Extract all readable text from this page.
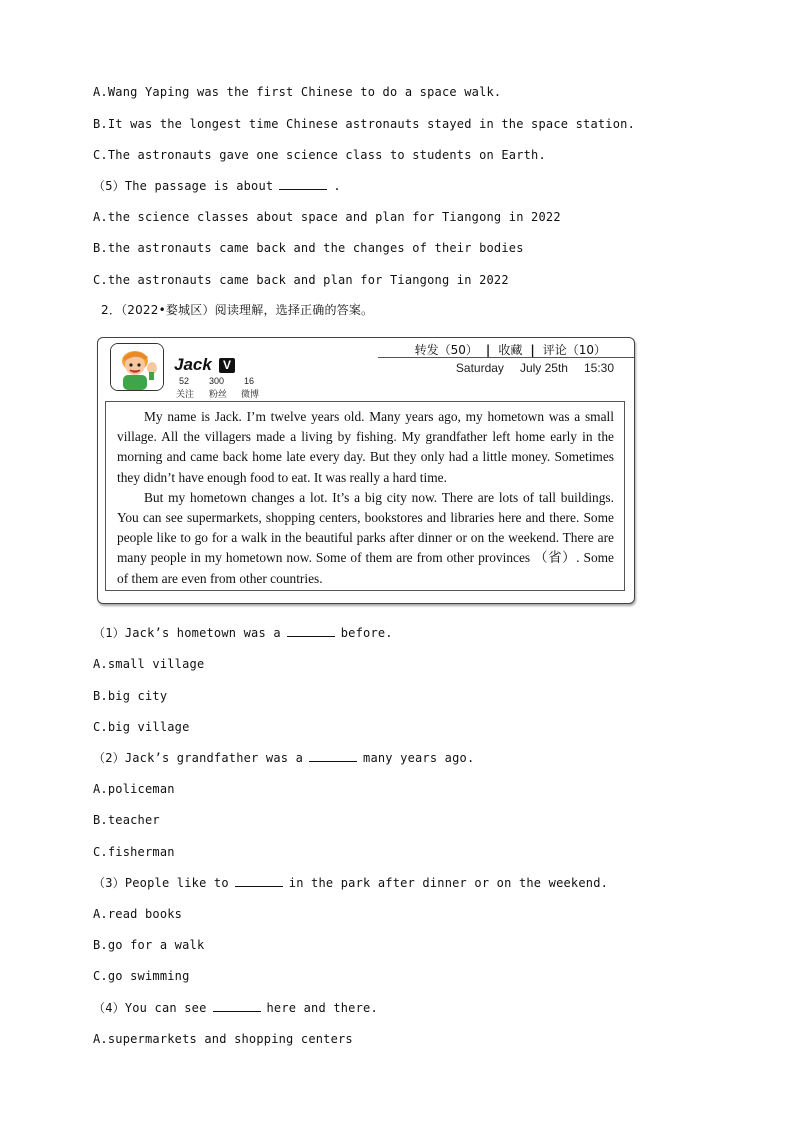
A.Wang Yaping was the first Chinese to do a space walk.
B.It was the longest time Chinese astronauts stayed in the space station.
C.The astronauts gave one science class to students on Earth.
（5）The passage is about	.
A.the science classes about space and plan for Tiangong in 2022
B.the astronauts came back and the changes of their bodies
C.the astronauts came back and plan for Tiangong in 2022
2．（2022•婺城区）阅读理解，选择正确的答案。
Jack V
52 300 16
关注 粉丝 微博
转发（50） | 收藏 | 评论（10）
Saturday July 25th 15:30

My name is Jack. I’m twelve years old. Many years ago, my hometown was a small village. All the villagers made a living by fishing. My grandfather left home early in the morning and came back home late every day. But they only had a little money. Sometimes they didn’t have enough food to eat. It was really a hard time.

But my hometown changes a lot. It’s a big city now. There are lots of tall buildings. You can see supermarkets, shopping centers, bookstores and libraries here and there. Some people like to go for a walk in the beautiful parks after dinner or on the weekend. There are many people in my hometown now. Some of them are from other provinces （省）. Some of them are even from other countries.

（1）Jack’s hometown was a	before.
A.small village
B.big city
C.big village
（2）Jack’s grandfather was a	many years ago.
A.policeman
B.teacher
C.fisherman
（3）People like to	in the park after dinner or on the weekend.
A.read books
B.go for a walk
C.go swimming
（4）You can see	here and there.
A.supermarkets and shopping centers
